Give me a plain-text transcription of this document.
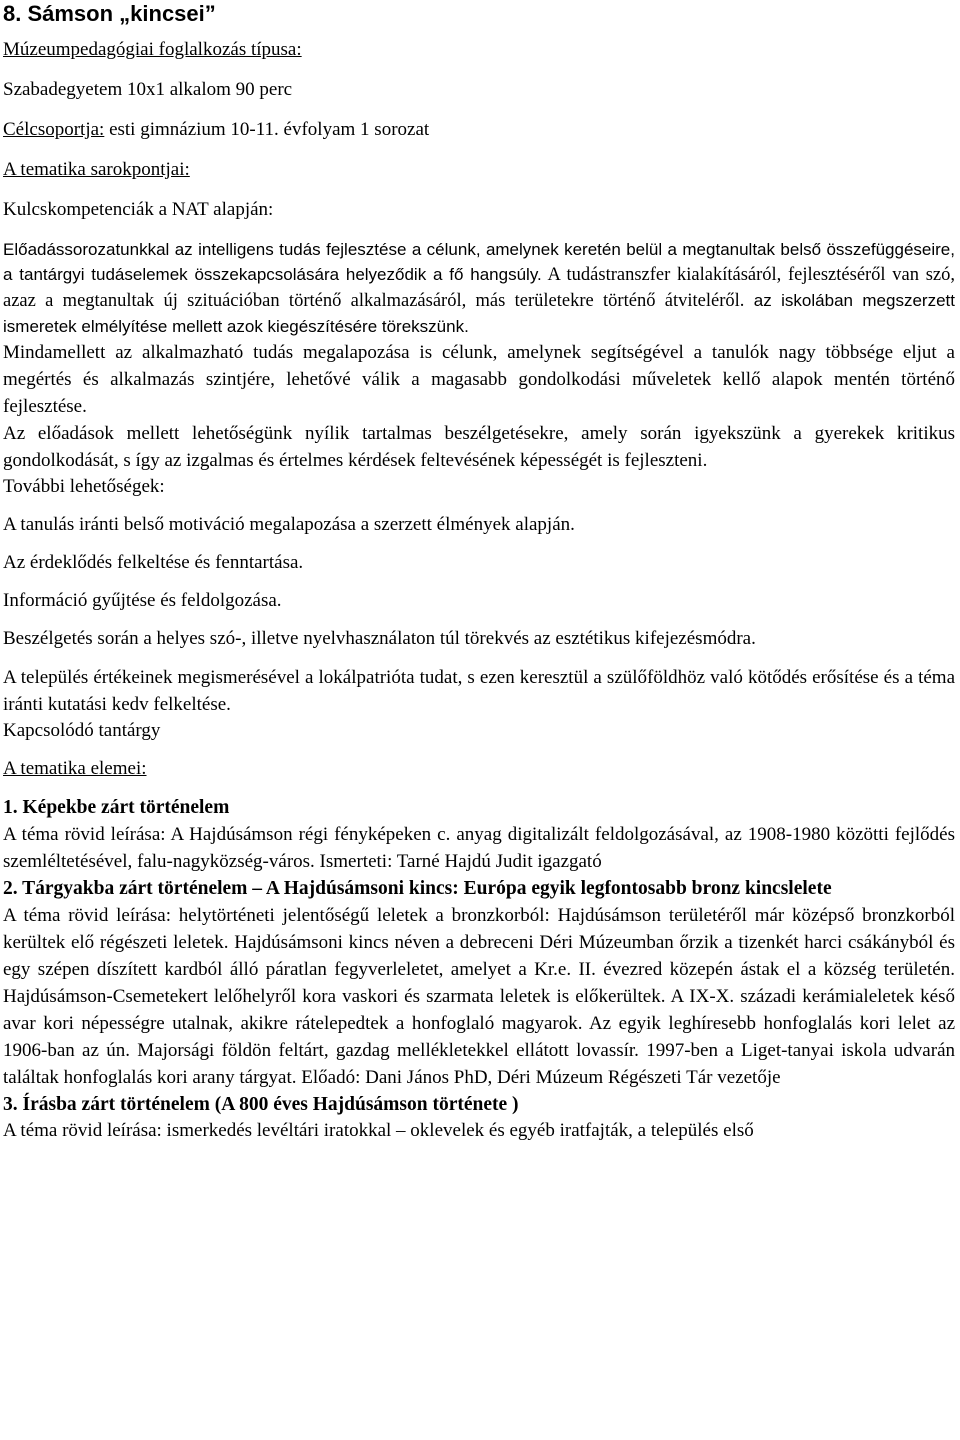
8. Sámson „kincsei”

Múzeumpedagógiai foglalkozás típusa:

Szabadegyetem 10x1 alkalom 90 perc

Célcsoportja: esti gimnázium 10-11. évfolyam 1 sorozat

A tematika sarokpontjai:

Kulcskompetenciák a NAT alapján:

Előadássorozatunkkal az intelligens tudás fejlesztése a célunk, amelynek keretén belül a megtanultak belső összefüggéseire, a tantárgyi tudáselemek összekapcsolására helyeződik a fő hangsúly. A tudástranszfer kialakításáról, fejlesztéséről van szó, azaz a megtanultak új szituációban történő alkalmazásáról, más területekre történő átviteléről. az iskolában megszerzett ismeretek elmélyítése mellett azok kiegészítésére törekszünk.

Mindamellett az alkalmazható tudás megalapozása is célunk, amelynek segítségével a tanulók nagy többsége eljut a megértés és alkalmazás szintjére, lehetővé válik a magasabb gondolkodási műveletek kellő alapok mentén történő fejlesztése.

Az előadások mellett lehetőségünk nyílik tartalmas beszélgetésekre, amely során igyekszünk a gyerekek kritikus gondolkodását, s így az izgalmas és értelmes kérdések feltevésének képességét is fejleszteni.

További lehetőségek:

A tanulás iránti belső motiváció megalapozása a szerzett élmények alapján.

Az érdeklődés felkeltése és fenntartása.

Információ gyűjtése és feldolgozása.

Beszélgetés során a helyes szó-, illetve nyelvhasználaton túl törekvés az esztétikus kifejezésmódra.

A település értékeinek megismerésével a lokálpatrióta tudat, s ezen keresztül a szülőföldhöz való kötődés erősítése és a téma iránti kutatási kedv felkeltése.

Kapcsolódó tantárgy

A tematika elemei:

1. Képekbe zárt történelem

A téma rövid leírása: A Hajdúsámson régi fényképeken c. anyag digitalizált feldolgozásával, az 1908-1980 közötti fejlődés szemléltetésével, falu-nagyközség-város. Ismerteti: Tarné Hajdú Judit igazgató

2. Tárgyakba zárt történelem – A Hajdúsámsoni kincs: Európa egyik legfontosabb bronz kincslelete

A téma rövid leírása: helytörténeti jelentőségű leletek a bronzkorból: Hajdúsámson területéről már középső bronzkorból kerültek elő régészeti leletek. Hajdúsámsoni kincs néven a debreceni Déri Múzeumban őrzik a tizenkét harci csákányból és egy szépen díszített kardból álló páratlan fegyverleletet, amelyet a Kr.e. II. évezred közepén ástak el a község területén. Hajdúsámson-Csemetekert lelőhelyről kora vaskori és szarmata leletek is előkerültek. A IX-X. századi kerámialeletek késő avar kori népességre utalnak, akikre rátelepedtek a honfoglaló magyarok. Az egyik leghíresebb honfoglalás kori lelet az 1906-ban az ún. Majorsági földön feltárt, gazdag mellékletekkel ellátott lovassír. 1997-ben a Liget-tanyai iskola udvarán találtak honfoglalás kori arany tárgyat. Előadó: Dani János PhD, Déri Múzeum Régészeti Tár vezetője

3. Írásba zárt történelem (A 800 éves Hajdúsámson története )

A téma rövid leírása: ismerkedés levéltári iratokkal – oklevelek és egyéb iratfajták, a település első
